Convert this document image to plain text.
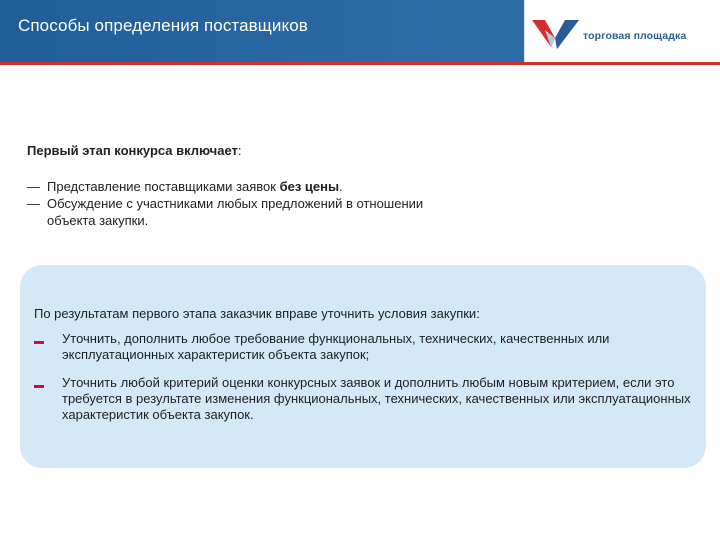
Способы определения поставщиков
торговая площадка
Первый этап конкурса включает:
— Представление поставщиками заявок без цены.
— Обсуждение с участниками любых предложений в отношении объекта закупки.
По результатам первого этапа заказчик вправе уточнить условия закупки:
Уточнить, дополнить любое требование функциональных, технических, качественных или эксплуатационных характеристик объекта закупок;
Уточнить любой критерий оценки конкурсных заявок и дополнить любым новым критерием, если это требуется в результате изменения функциональных, технических, качественных или эксплуатационных характеристик объекта закупок.
